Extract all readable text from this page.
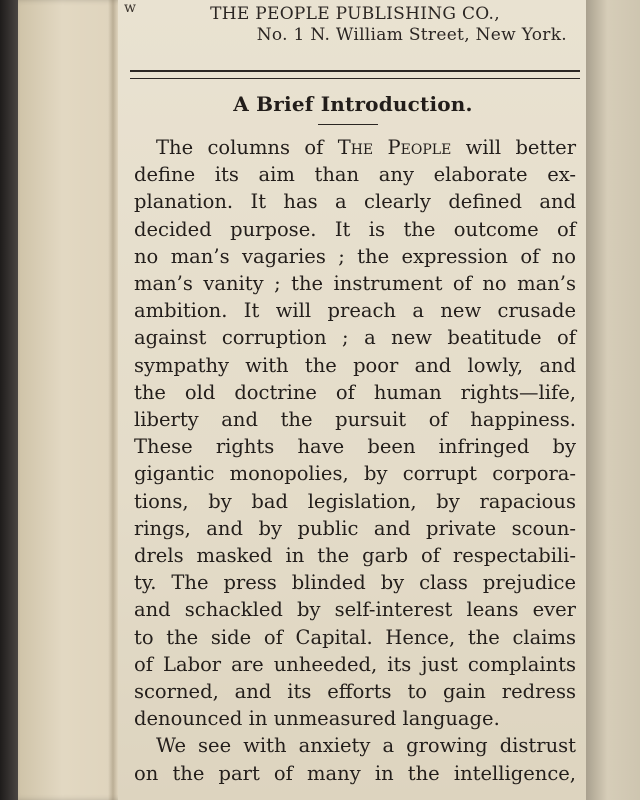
w	THE PEOPLE PUBLISHING CO.,
No. 1 N. William Street, New York.
A Brief Introduction.
The columns of The People will better
define its aim than any elaborate ex-
planation. It has a clearly defined and
decided purpose. It is the outcome of
no man’s vagaries ; the expression of no
man’s vanity ; the instrument of no man’s
ambition. It will preach a new crusade
against corruption ; a new beatitude of
sympathy with the poor and lowly, and
the old doctrine of human rights—life,
liberty and the pursuit of happiness.
These rights have been infringed by
gigantic monopolies, by corrupt corpora-
tions, by bad legislation, by rapacious
rings, and by public and private scoun-
drels masked in the garb of respectabili-
ty. The press blinded by class prejudice
and schackled by self-interest leans ever
to the side of Capital. Hence, the claims
of Labor are unheeded, its just complaints
scorned, and its efforts to gain redress
denounced in unmeasured language.
We see with anxiety a growing distrust
on the part of many in the intelligence,
